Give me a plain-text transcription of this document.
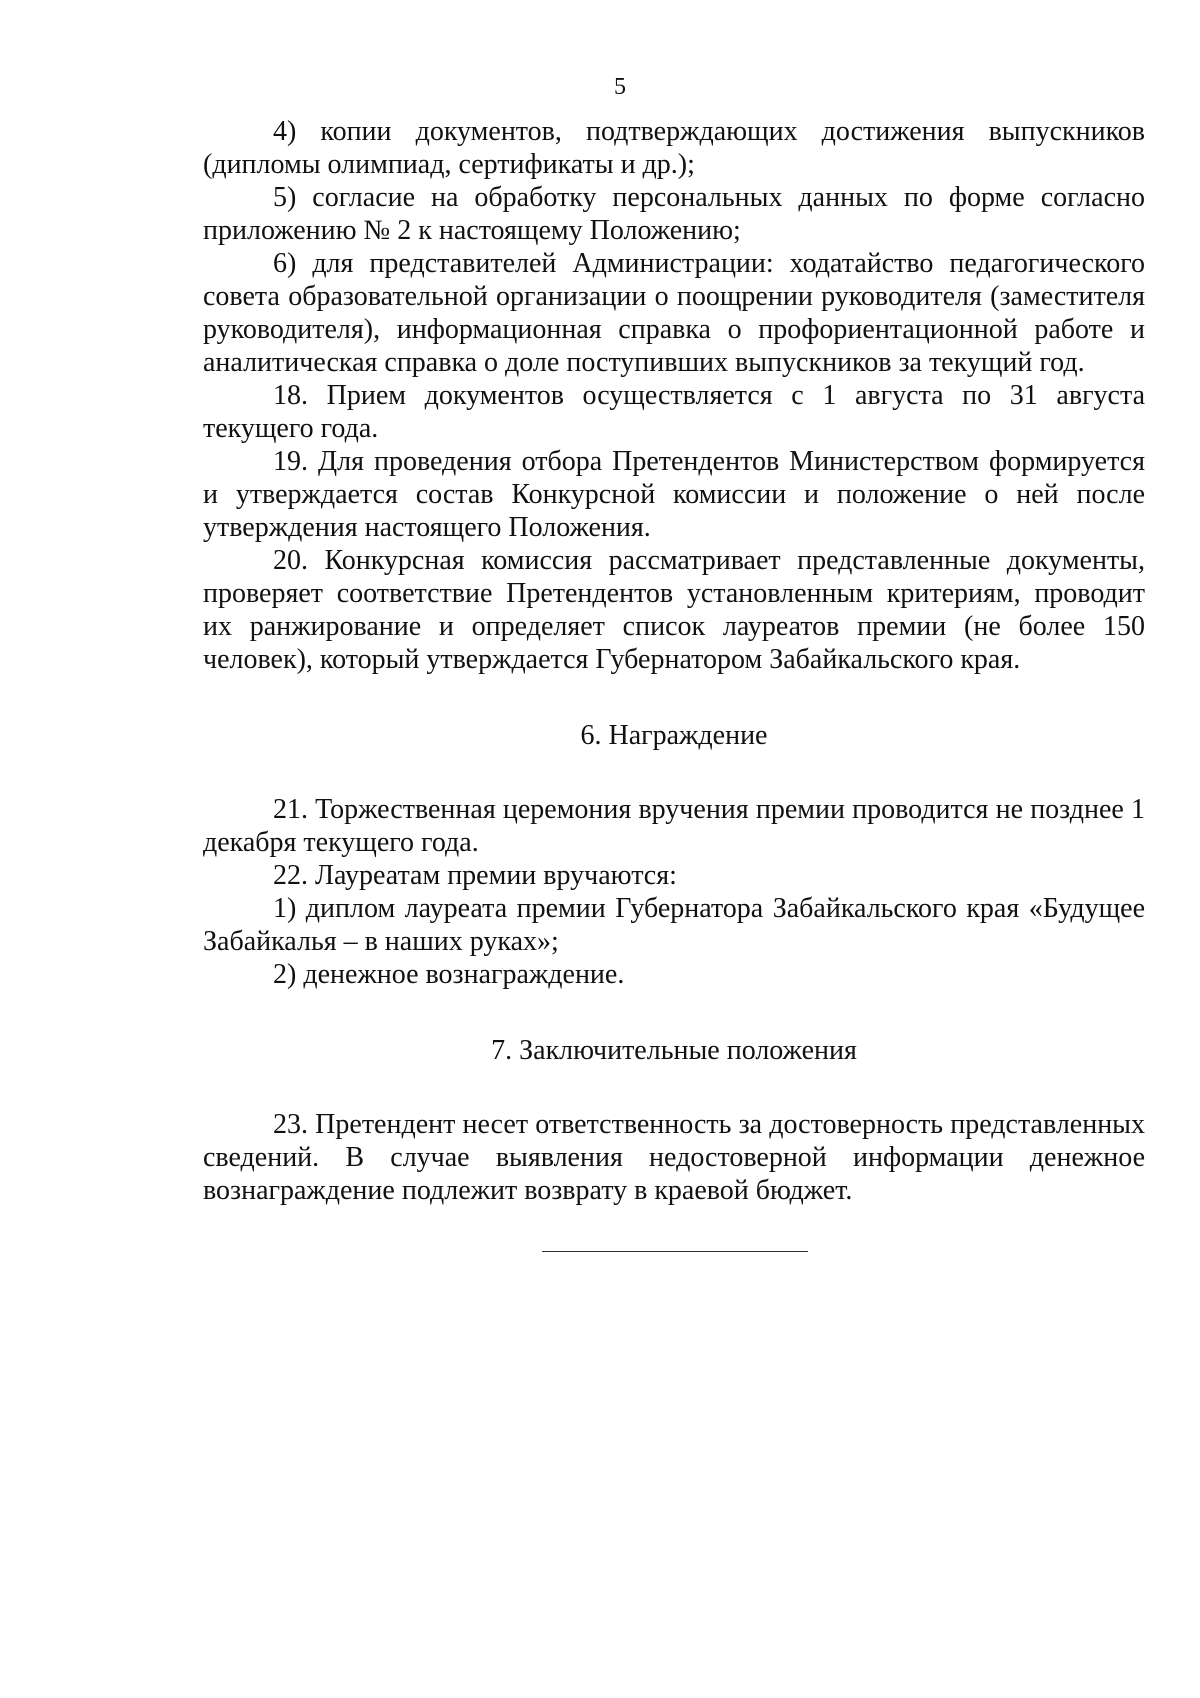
5

4) копии документов, подтверждающих достижения выпускников (дипломы олимпиад, сертификаты и др.);

5) согласие на обработку персональных данных по форме согласно приложению № 2 к настоящему Положению;

6) для представителей Администрации: ходатайство педагогического совета образовательной организации о поощрении руководителя (заместителя руководителя), информационная справка о профориентационной работе и аналитическая справка о доле поступивших выпускников за текущий год.

18. Прием документов осуществляется с 1 августа по 31 августа текущего года.

19. Для проведения отбора Претендентов Министерством формируется и утверждается состав Конкурсной комиссии и положение о ней после утверждения настоящего Положения.

20. Конкурсная комиссия рассматривает представленные документы, проверяет соответствие Претендентов установленным критериям, проводит их ранжирование и определяет список лауреатов премии (не более 150 человек), который утверждается Губернатором Забайкальского края.

6. Награждение

21. Торжественная церемония вручения премии проводится не позднее 1 декабря текущего года.

22. Лауреатам премии вручаются:

1) диплом лауреата премии Губернатора Забайкальского края «Будущее Забайкалья – в наших руках»;

2) денежное вознаграждение.

7. Заключительные положения

23. Претендент несет ответственность за достоверность представленных сведений. В случае выявления недостоверной информации денежное вознаграждение подлежит возврату в краевой бюджет.
